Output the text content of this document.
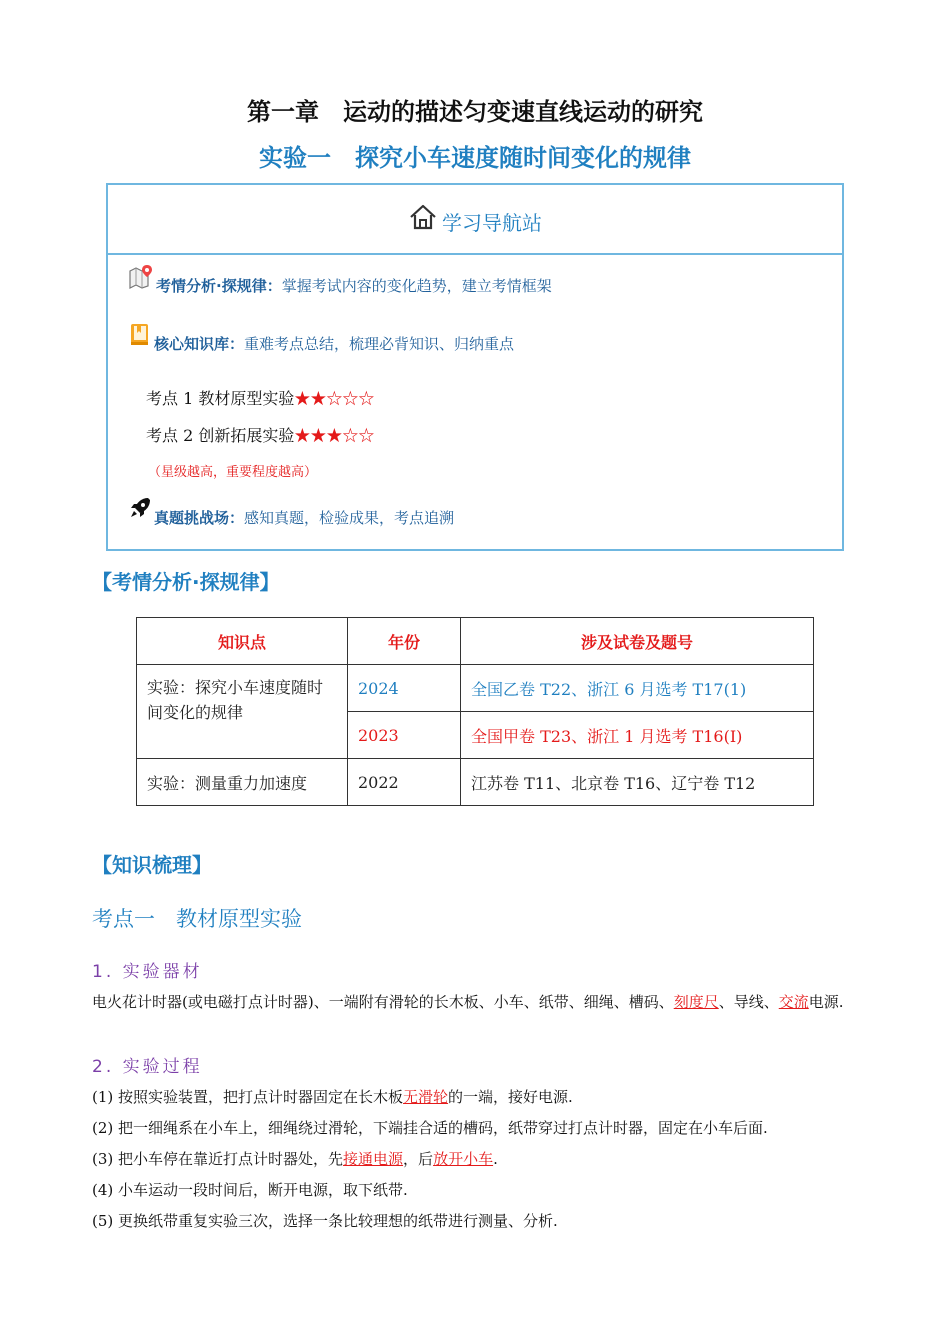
第一章　运动的描述匀变速直线运动的研究
实验一　探究小车速度随时间变化的规律
学习导航站
考情分析·探规律： 掌握考试内容的变化趋势，建立考情框架
核心知识库： 重难考点总结，梳理必背知识、归纳重点
考点 1 教材原型实验★★☆☆☆
考点 2 创新拓展实验★★★☆☆
（星级越高，重要程度越高）
真题挑战场： 感知真题，检验成果，考点追溯
【考情分析·探规律】
知识点	年份	涉及试卷及题号
实验：探究小车速度随时间变化的规律	2024	全国乙卷 T22、浙江 6 月选考 T17(1)
	2023	全国甲卷 T23、浙江 1 月选考 T16(Ⅰ)
实验：测量重力加速度	2022	江苏卷 T11、北京卷 T16、辽宁卷 T12
【知识梳理】
考点一　教材原型实验
1. 实验器材
电火花计时器(或电磁打点计时器)、一端附有滑轮的长木板、小车、纸带、细绳、槽码、刻度尺、导线、交流电源.
2. 实验过程
(1) 按照实验装置，把打点计时器固定在长木板无滑轮的一端，接好电源.
(2) 把一细绳系在小车上，细绳绕过滑轮，下端挂合适的槽码，纸带穿过打点计时器，固定在小车后面.
(3) 把小车停在靠近打点计时器处，先接通电源，后放开小车.
(4) 小车运动一段时间后，断开电源，取下纸带.
(5) 更换纸带重复实验三次，选择一条比较理想的纸带进行测量、分析.
